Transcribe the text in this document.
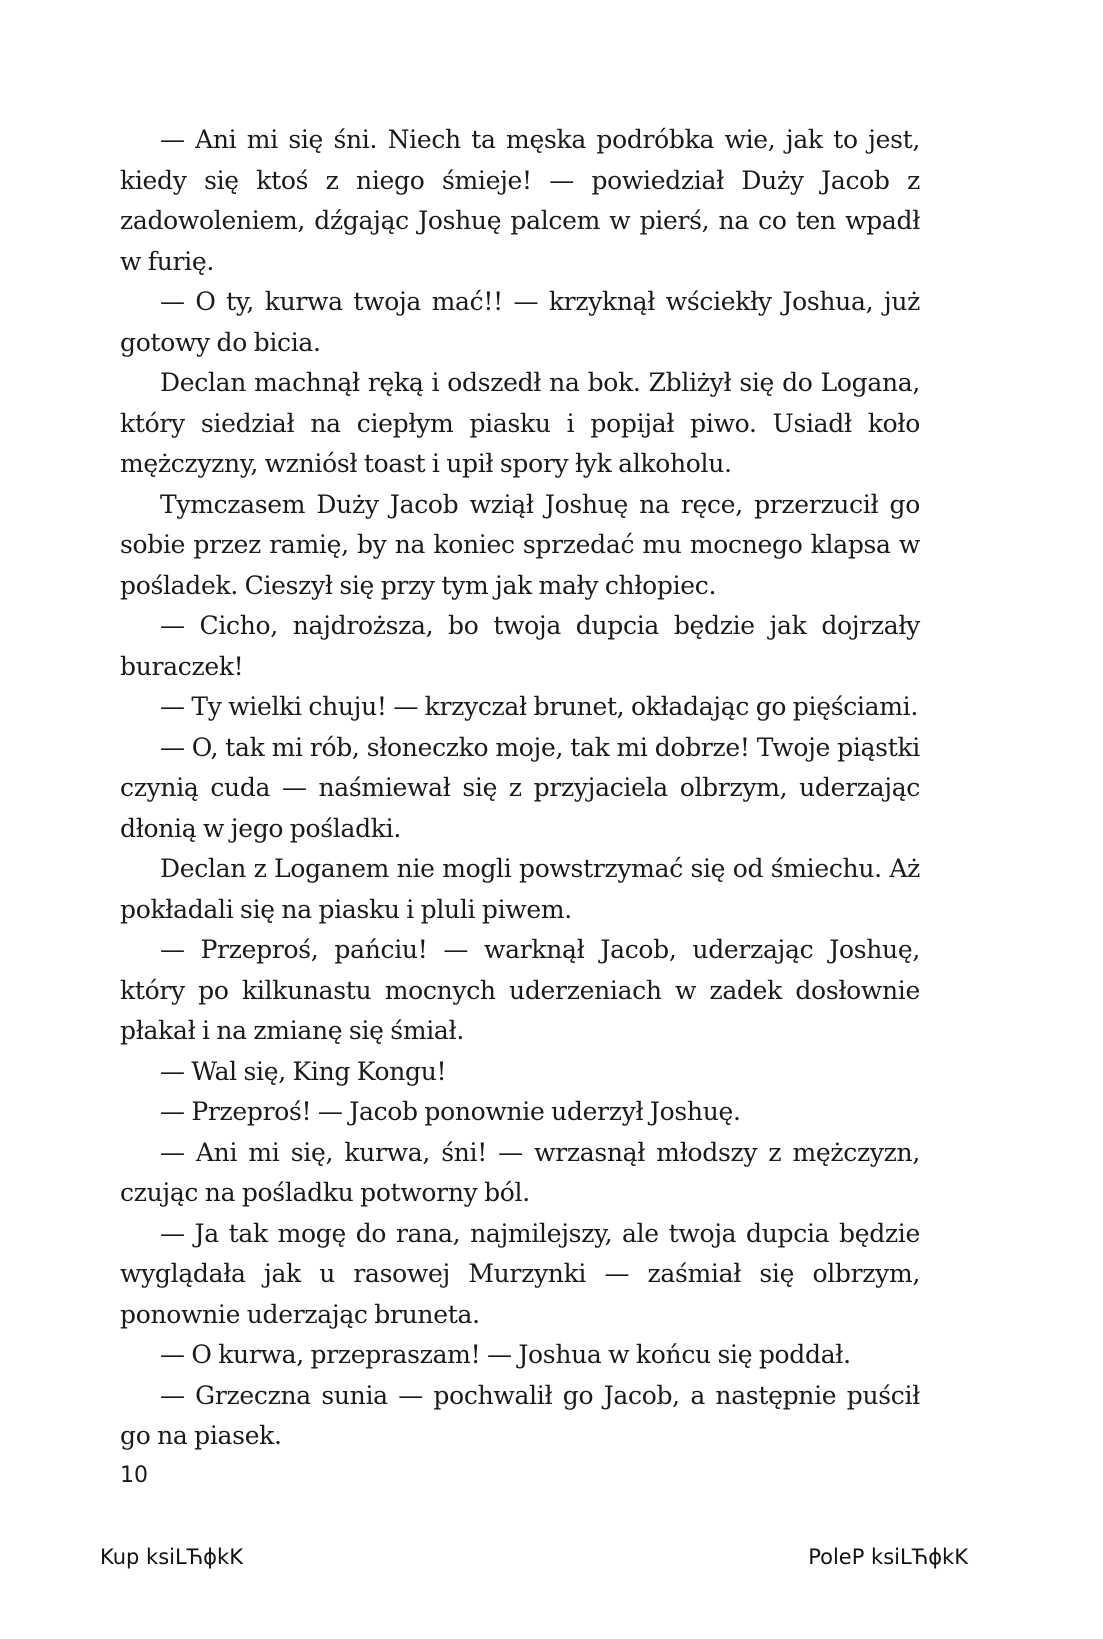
— Ani mi się śni. Niech ta męska podróbka wie, jak to jest, kiedy się ktoś z niego śmieje! — powiedział Duży Jacob z zadowoleniem, dźgając Joshuę palcem w pierś, na co ten wpadł w furię.

— O ty, kurwa twoja mać!! — krzyknął wściekły Joshua, już gotowy do bicia.

Declan machnął ręką i odszedł na bok. Zbliżył się do Logana, który siedział na ciepłym piasku i popijał piwo. Usiadł koło mężczyzny, wzniósł toast i upił spory łyk alkoholu.

Tymczasem Duży Jacob wziął Joshuę na ręce, przerzucił go sobie przez ramię, by na koniec sprzedać mu mocnego klapsa w pośladek. Cieszył się przy tym jak mały chłopiec.

— Cicho, najdroższa, bo twoja dupcia będzie jak dojrzały buraczek!

— Ty wielki chuju! — krzyczał brunet, okładając go pięściami.

— O, tak mi rób, słoneczko moje, tak mi dobrze! Twoje piąstki czynią cuda — naśmiewał się z przyjaciela olbrzym, uderzając dłonią w jego pośladki.

Declan z Loganem nie mogli powstrzymać się od śmiechu. Aż pokładali się na piasku i pluli piwem.

— Przeproś, pańciu! — warknął Jacob, uderzając Joshuę, który po kilkunastu mocnych uderzeniach w zadek dosłownie płakał i na zmianę się śmiał.

— Wal się, King Kongu!

— Przeproś! — Jacob ponownie uderzył Joshuę.

— Ani mi się, kurwa, śni! — wrzasnął młodszy z mężczyzn, czując na pośladku potworny ból.

— Ja tak mogę do rana, najmilejszy, ale twoja dupcia będzie wyglądała jak u rasowej Murzynki — zaśmiał się olbrzym, ponownie uderzając bruneta.

— O kurwa, przepraszam! — Joshua w końcu się poddał.

— Grzeczna sunia — pochwalił go Jacob, a następnie puścił go na piasek.

10
Kup ksiLЋϕkK	PoleP ksiLЋϕkK
